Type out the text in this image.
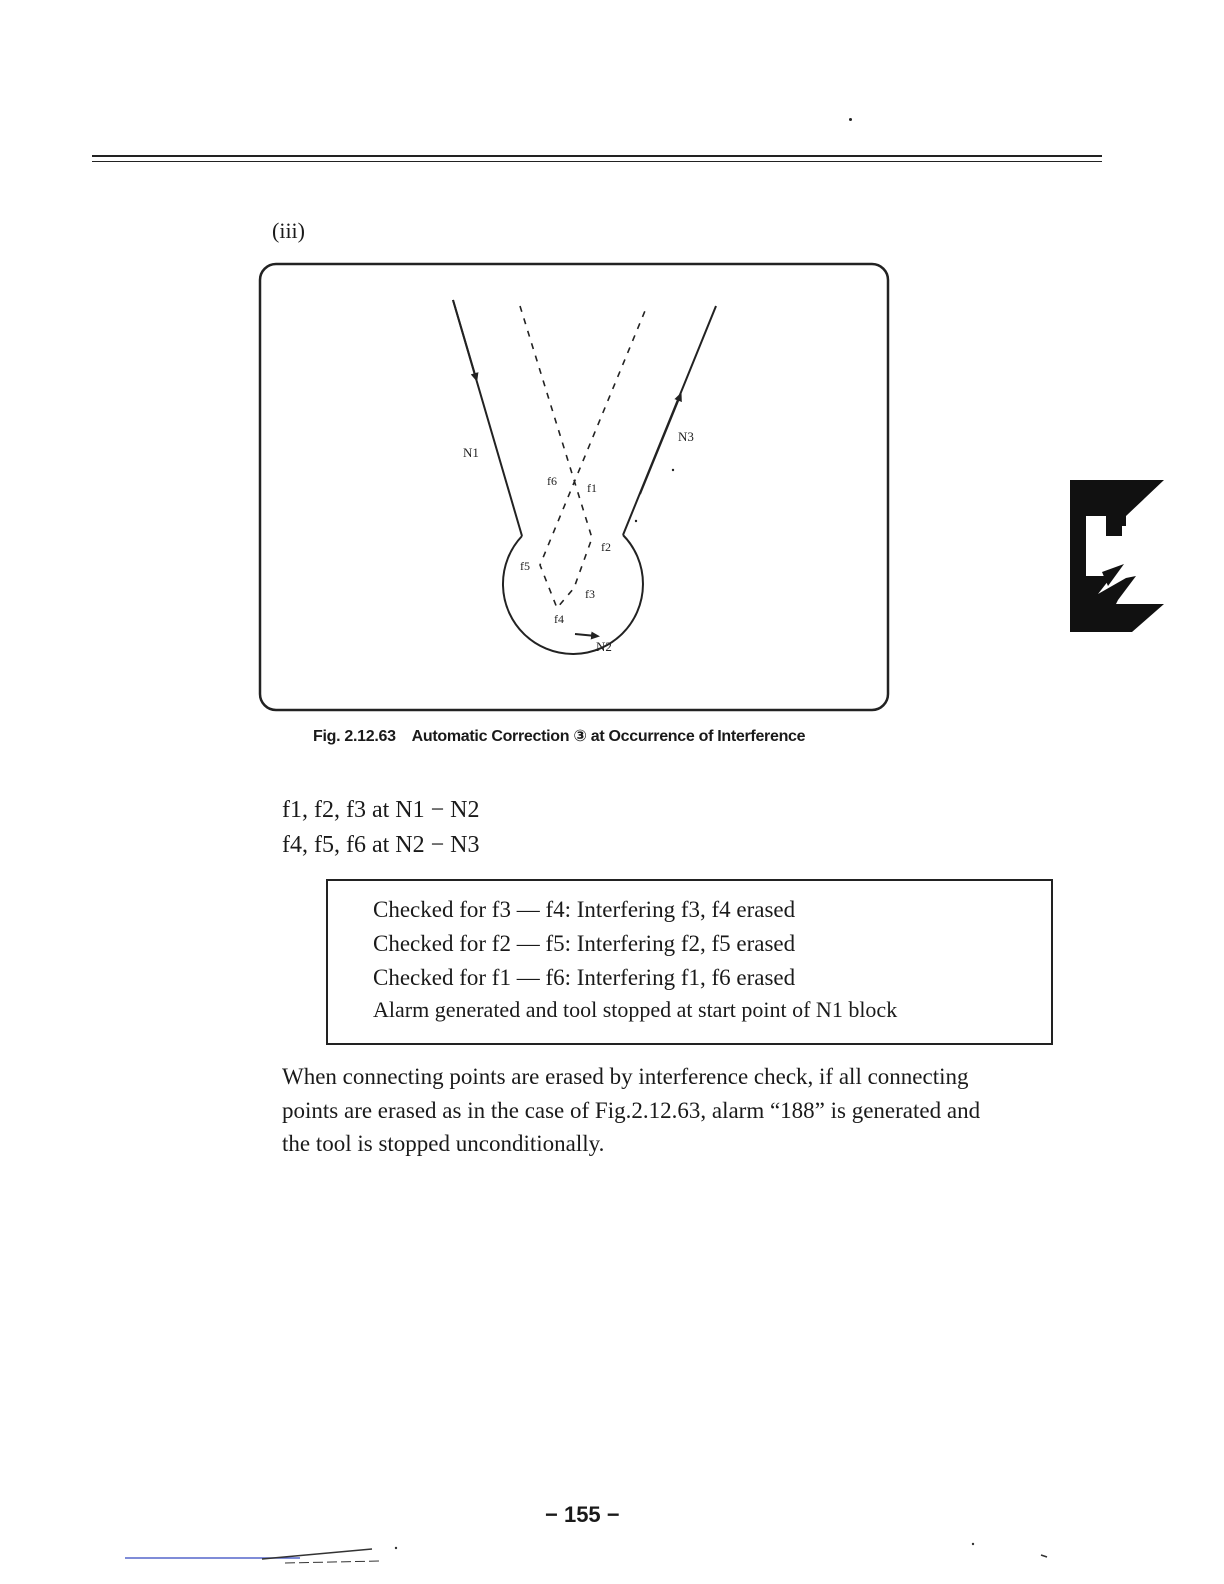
(iii)
N1
N3
N2
f6	f1
f2
f5
f3
f4
Fig. 2.12.63    Automatic Correction ③ at Occurrence of Interference
f1, f2, f3 at N1 − N2
f4, f5, f6 at N2 − N3
Checked for f3 — f4: Interfering f3, f4 erased
Checked for f2 — f5: Interfering f2, f5 erased
Checked for f1 — f6: Interfering f1, f6 erased
Alarm generated and tool stopped at start point of N1 block
When connecting points are erased by interference check, if all connecting
points are erased as in the case of Fig.2.12.63, alarm “188” is generated and
the tool is stopped unconditionally.
− 155 −
